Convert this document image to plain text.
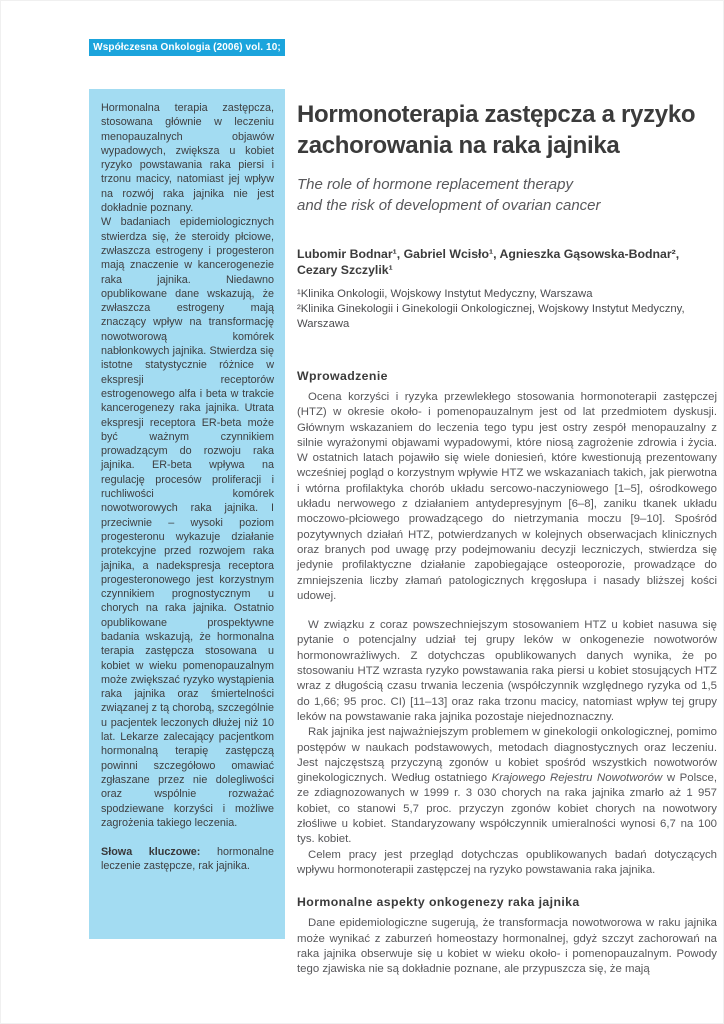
Współczesna Onkologia (2006) vol. 10; 1 (28–33)

Hormonalna terapia zastępcza, stosowana głównie w leczeniu menopauzalnych objawów wypadowych, zwiększa u kobiet ryzyko powstawania raka piersi i trzonu macicy, natomiast jej wpływ na rozwój raka jajnika nie jest dokładnie poznany.

W badaniach epidemiologicznych stwierdza się, że steroidy płciowe, zwłaszcza estrogeny i progesteron mają znaczenie w kancerogenezie raka jajnika. Niedawno opublikowane dane wskazują, że zwłaszcza estrogeny mają znaczący wpływ na transformację nowotworową komórek nabłonkowych jajnika. Stwierdza się istotne statystycznie różnice w ekspresji receptorów estrogenowego alfa i beta w trakcie kancerogenezy raka jajnika. Utrata ekspresji receptora ER-beta może być ważnym czynnikiem prowadzącym do rozwoju raka jajnika. ER-beta wpływa na regulację procesów proliferacji i ruchliwości komórek nowotworowych raka jajnika. I przeciwnie – wysoki poziom progesteronu wykazuje działanie protekcyjne przed rozwojem raka jajnika, a nadekspresja receptora progesteronowego jest korzystnym czynnikiem prognostycznym u chorych na raka jajnika. Ostatnio opublikowane prospektywne badania wskazują, że hormonalna terapia zastępcza stosowana u kobiet w wieku pomenopauzalnym może zwiększać ryzyko wystąpienia raka jajnika oraz śmiertelności związanej z tą chorobą, szczególnie u pacjentek leczonych dłużej niż 10 lat. Lekarze zalecający pacjentkom hormonalną terapię zastępczą powinni szczegółowo omawiać zgłaszane przez nie dolegliwości oraz wspólnie rozważać spodziewane korzyści i możliwe zagrożenia takiego leczenia.

Słowa kluczowe: hormonalne leczenie zastępcze, rak jajnika.

Hormonoterapia zastępcza a ryzyko zachorowania na raka jajnika
The role of hormone replacement therapy
and the risk of development of ovarian cancer
Lubomir Bodnar¹, Gabriel Wcisło¹, Agnieszka Gąsowska-Bodnar²,
Cezary Szczylik¹
¹Klinika Onkologii, Wojskowy Instytut Medyczny, Warszawa
²Klinika Ginekologii i Ginekologii Onkologicznej, Wojskowy Instytut Medyczny, Warszawa
Wprowadzenie

Ocena korzyści i ryzyka przewlekłego stosowania hormonoterapii zastępczej (HTZ) w okresie około- i pomenopauzalnym jest od lat przedmiotem dyskusji. Głównym wskazaniem do leczenia tego typu jest ostry zespół menopauzalny z silnie wyrażonymi objawami wypadowymi, które niosą zagrożenie zdrowia i życia. W ostatnich latach pojawiło się wiele doniesień, które kwestionują prezentowany wcześniej pogląd o korzystnym wpływie HTZ we wskazaniach takich, jak pierwotna i wtórna profilaktyka chorób układu sercowo-naczyniowego [1–5], ośrodkowego układu nerwowego z działaniem antydepresyjnym [6–8], zaniku tkanek układu moczowo-płciowego prowadzącego do nietrzymania moczu [9–10]. Spośród pozytywnych działań HTZ, potwierdzanych w kolejnych obserwacjach klinicznych oraz branych pod uwagę przy podejmowaniu decyzji leczniczych, stwierdza się jedynie profilaktyczne działanie zapobiegające osteoporozie, prowadzące do zmniejszenia liczby złamań patologicznych kręgosłupa i nasady bliższej kości udowej.

W związku z coraz powszechniejszym stosowaniem HTZ u kobiet nasuwa się pytanie o potencjalny udział tej grupy leków w onkogenezie nowotworów hormonowrażliwych. Z dotychczas opublikowanych danych wynika, że po stosowaniu HTZ wzrasta ryzyko powstawania raka piersi u kobiet stosujących HTZ wraz z długością czasu trwania leczenia (współczynnik względnego ryzyka od 1,5 do 1,66; 95 proc. CI) [11–13] oraz raka trzonu macicy, natomiast wpływ tej grupy leków na powstawanie raka jajnika pozostaje niejednoznaczny.

Rak jajnika jest najważniejszym problemem w ginekologii onkologicznej, pomimo postępów w naukach podstawowych, metodach diagnostycznych oraz leczeniu. Jest najczęstszą przyczyną zgonów u kobiet spośród wszystkich nowotworów ginekologicznych. Według ostatniego Krajowego Rejestru Nowotworów w Polsce, ze zdiagnozowanych w 1999 r. 3 030 chorych na raka jajnika zmarło aż 1 957 kobiet, co stanowi 5,7 proc. przyczyn zgonów kobiet chorych na nowotwory złośliwe u kobiet. Standaryzowany współczynnik umieralności wynosi 6,7 na 100 tys. kobiet.

Celem pracy jest przegląd dotychczas opublikowanych badań dotyczących wpływu hormonoterapii zastępczej na ryzyko powstawania raka jajnika.

Hormonalne aspekty onkogenezy raka jajnika

Dane epidemiologiczne sugerują, że transformacja nowotworowa w raku jajnika może wynikać z zaburzeń homeostazy hormonalnej, gdyż szczyt zachorowań na raka jajnika obserwuje się u kobiet w wieku około- i pomenopauzalnym. Powody tego zjawiska nie są dokładnie poznane, ale przypuszcza się, że mają
